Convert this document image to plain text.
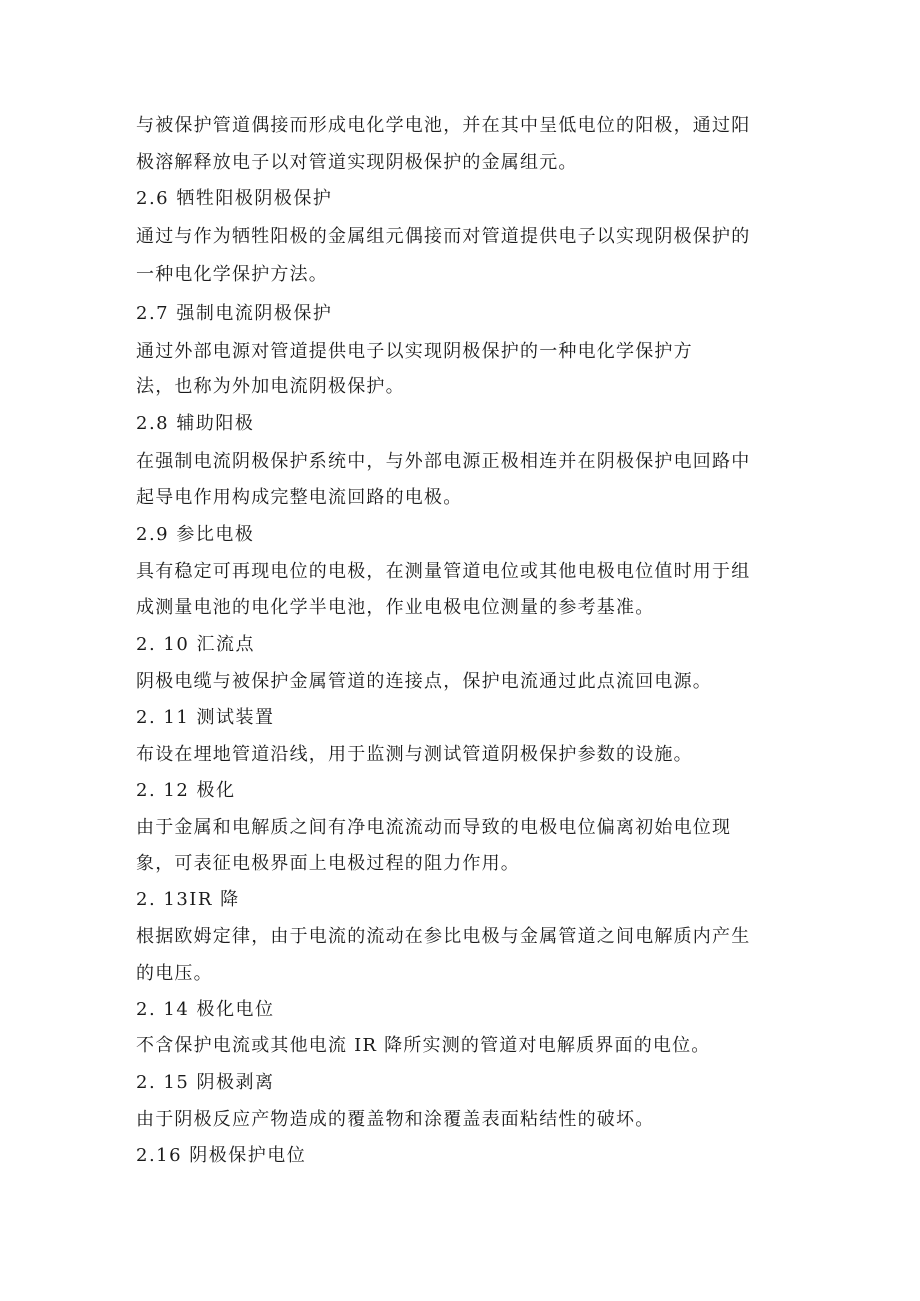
与被保护管道偶接而形成电化学电池，并在其中呈低电位的阳极，通过阳
极溶解释放电子以对管道实现阴极保护的金属组元。
2.6 牺牲阳极阴极保护
通过与作为牺牲阳极的金属组元偶接而对管道提供电子以实现阴极保护的
一种电化学保护方法。
2.7 强制电流阴极保护
通过外部电源对管道提供电子以实现阴极保护的一种电化学保护方
法，也称为外加电流阴极保护。
2.8 辅助阳极
在强制电流阴极保护系统中，与外部电源正极相连并在阴极保护电回路中
起导电作用构成完整电流回路的电极。
2.9 参比电极
具有稳定可再现电位的电极，在测量管道电位或其他电极电位值时用于组
成测量电池的电化学半电池，作业电极电位测量的参考基准。
2. 10 汇流点
阴极电缆与被保护金属管道的连接点，保护电流通过此点流回电源。
2. 11 测试装置
布设在埋地管道沿线，用于监测与测试管道阴极保护参数的设施。
2. 12 极化
由于金属和电解质之间有净电流流动而导致的电极电位偏离初始电位现
象，可表征电极界面上电极过程的阻力作用。
2. 13IR 降
根据欧姆定律，由于电流的流动在参比电极与金属管道之间电解质内产生
的电压。
2. 14 极化电位
不含保护电流或其他电流 IR 降所实测的管道对电解质界面的电位。
2. 15 阴极剥离
由于阴极反应产物造成的覆盖物和涂覆盖表面粘结性的破坏。
2.16 阴极保护电位
